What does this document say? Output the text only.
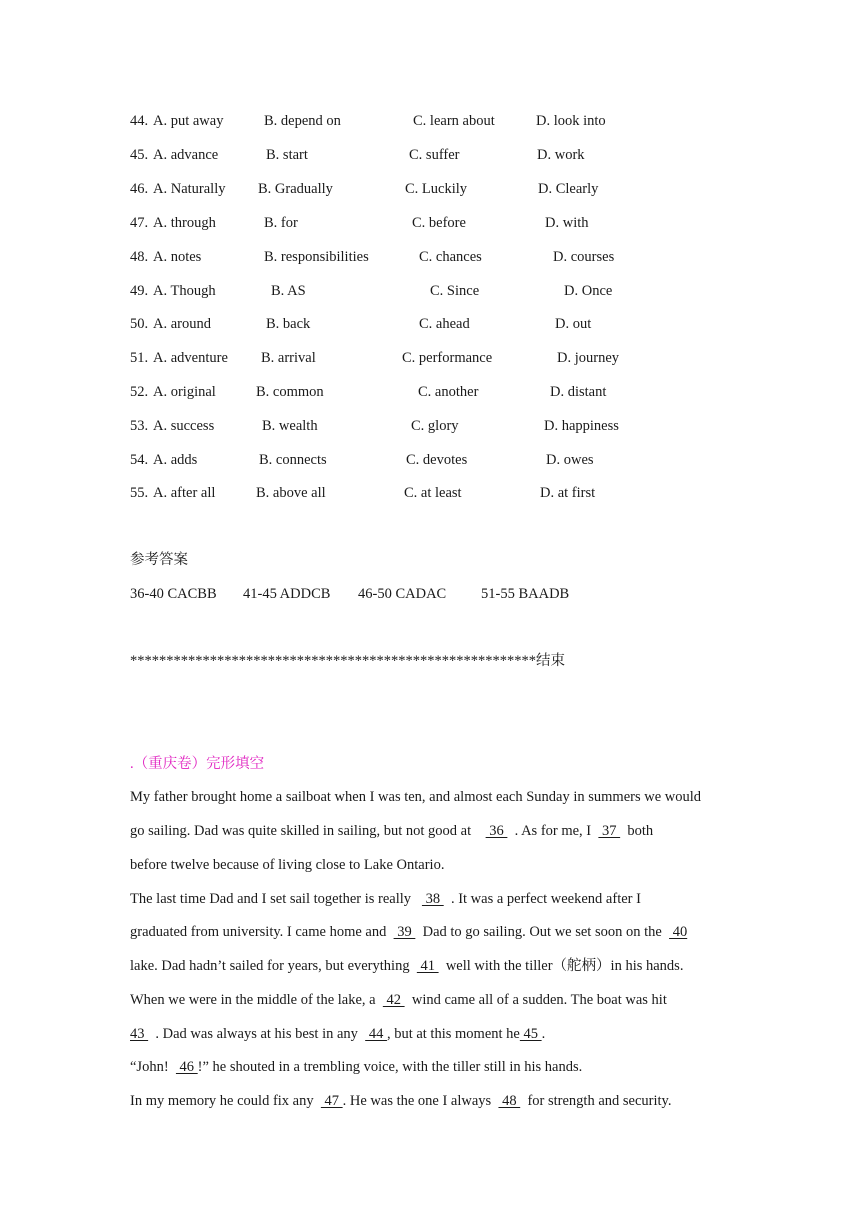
44. A. put away	B. depend on	C. learn about	D. look into
45. A. advance	B. start	C. suffer	D. work
46. A. Naturally B. Gradually	C. Luckily	D. Clearly
47. A. through	B. for	C. before	D. with
48. A. notes	B. responsibilities	C. chances	D. courses
49. A. Though	B. AS	C. Since	D. Once
50. A. around	B. back	C. ahead	D. out
51. A. adventure B. arrival	C. performance	D. journey
52. A. original	B. common	C. another	D. distant
53. A. success	B. wealth	C. glory	D. happiness
54. A. adds	B. connects	C. devotes	D. owes
55. A. after all	B. above all	C. at least	D. at first
参考答案
36-40 CACBB 41-45 ADDCB 46-50 CADAC 51-55 BAADB
********************************************************结束
.（重庆卷）完形填空
My father brought home a sailboat when I was ten, and almost each Sunday in summers we would
go sailing. Dad was quite skilled in sailing, but not good at     36   . As for me, I   37   both
before twelve because of living close to Lake Ontario.
The last time Dad and I set sail together is really    38   . It was a perfect weekend after I
graduated from university. I came home and   39   Dad to go sailing. Out we set soon on the   40
lake. Dad hadn’t sailed for years, but everything   41   well with the tiller（舵柄）in his hands.
When we were in the middle of the lake, a   42   wind came all of a sudden. The boat was hit
43   . Dad was always at his best in any   44 , but at this moment he 45 .
“John!   46 !” he shouted in a trembling voice, with the tiller still in his hands.
In my memory he could fix any   47 . He was the one I always   48   for strength and security.
